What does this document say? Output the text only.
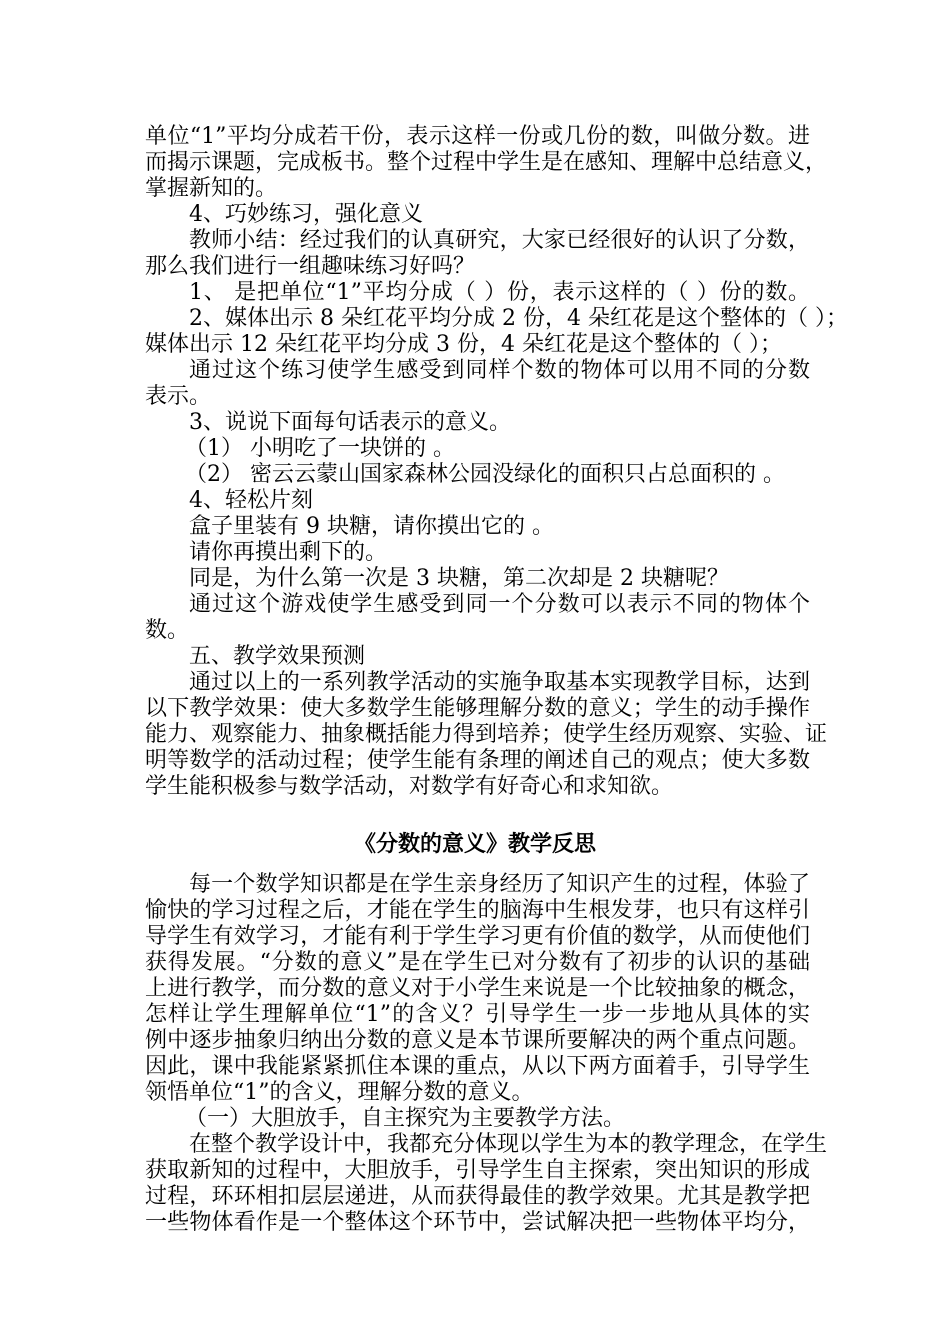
单位“1”平均分成若干份，表示这样一份或几份的数，叫做分数。进
而揭示课题，完成板书。整个过程中学生是在感知、理解中总结意义，
掌握新知的。
4、巧妙练习，强化意义
教师小结：经过我们的认真研究，大家已经很好的认识了分数，
那么我们进行一组趣味练习好吗？
1、 是把单位“1”平均分成（ ）份，表示这样的（ ）份的数。
2、媒体出示 8 朵红花平均分成 2 份，4 朵红花是这个整体的（ ）；
媒体出示 12 朵红花平均分成 3 份，4 朵红花是这个整体的（ ）；
通过这个练习使学生感受到同样个数的物体可以用不同的分数
表示。
3、说说下面每句话表示的意义。
（1） 小明吃了一块饼的 。
（2） 密云云蒙山国家森林公园没绿化的面积只占总面积的 。
4、轻松片刻
盒子里装有 9 块糖，请你摸出它的 。
请你再摸出剩下的。
同是，为什么第一次是 3 块糖，第二次却是 2 块糖呢？
通过这个游戏使学生感受到同一个分数可以表示不同的物体个
数。
五、教学效果预测
通过以上的一系列教学活动的实施争取基本实现教学目标，达到
以下教学效果：使大多数学生能够理解分数的意义；学生的动手操作
能力、观察能力、抽象概括能力得到培养；使学生经历观察、实验、证
明等数学的活动过程；使学生能有条理的阐述自己的观点；使大多数
学生能积极参与数学活动，对数学有好奇心和求知欲。
《分数的意义》教学反思
每一个数学知识都是在学生亲身经历了知识产生的过程，体验了
愉快的学习过程之后，才能在学生的脑海中生根发芽，也只有这样引
导学生有效学习，才能有利于学生学习更有价值的数学，从而使他们
获得发展。“分数的意义”是在学生已对分数有了初步的认识的基础
上进行教学，而分数的意义对于小学生来说是一个比较抽象的概念，
怎样让学生理解单位“1”的含义？引导学生一步一步地从具体的实
例中逐步抽象归纳出分数的意义是本节课所要解决的两个重点问题。
因此，课中我能紧紧抓住本课的重点，从以下两方面着手，引导学生
领悟单位“1”的含义，理解分数的意义。
（一）大胆放手，自主探究为主要教学方法。
在整个教学设计中，我都充分体现以学生为本的教学理念，在学生
获取新知的过程中，大胆放手，引导学生自主探索，突出知识的形成
过程，环环相扣层层递进，从而获得最佳的教学效果。尤其是教学把
一些物体看作是一个整体这个环节中，尝试解决把一些物体平均分，
